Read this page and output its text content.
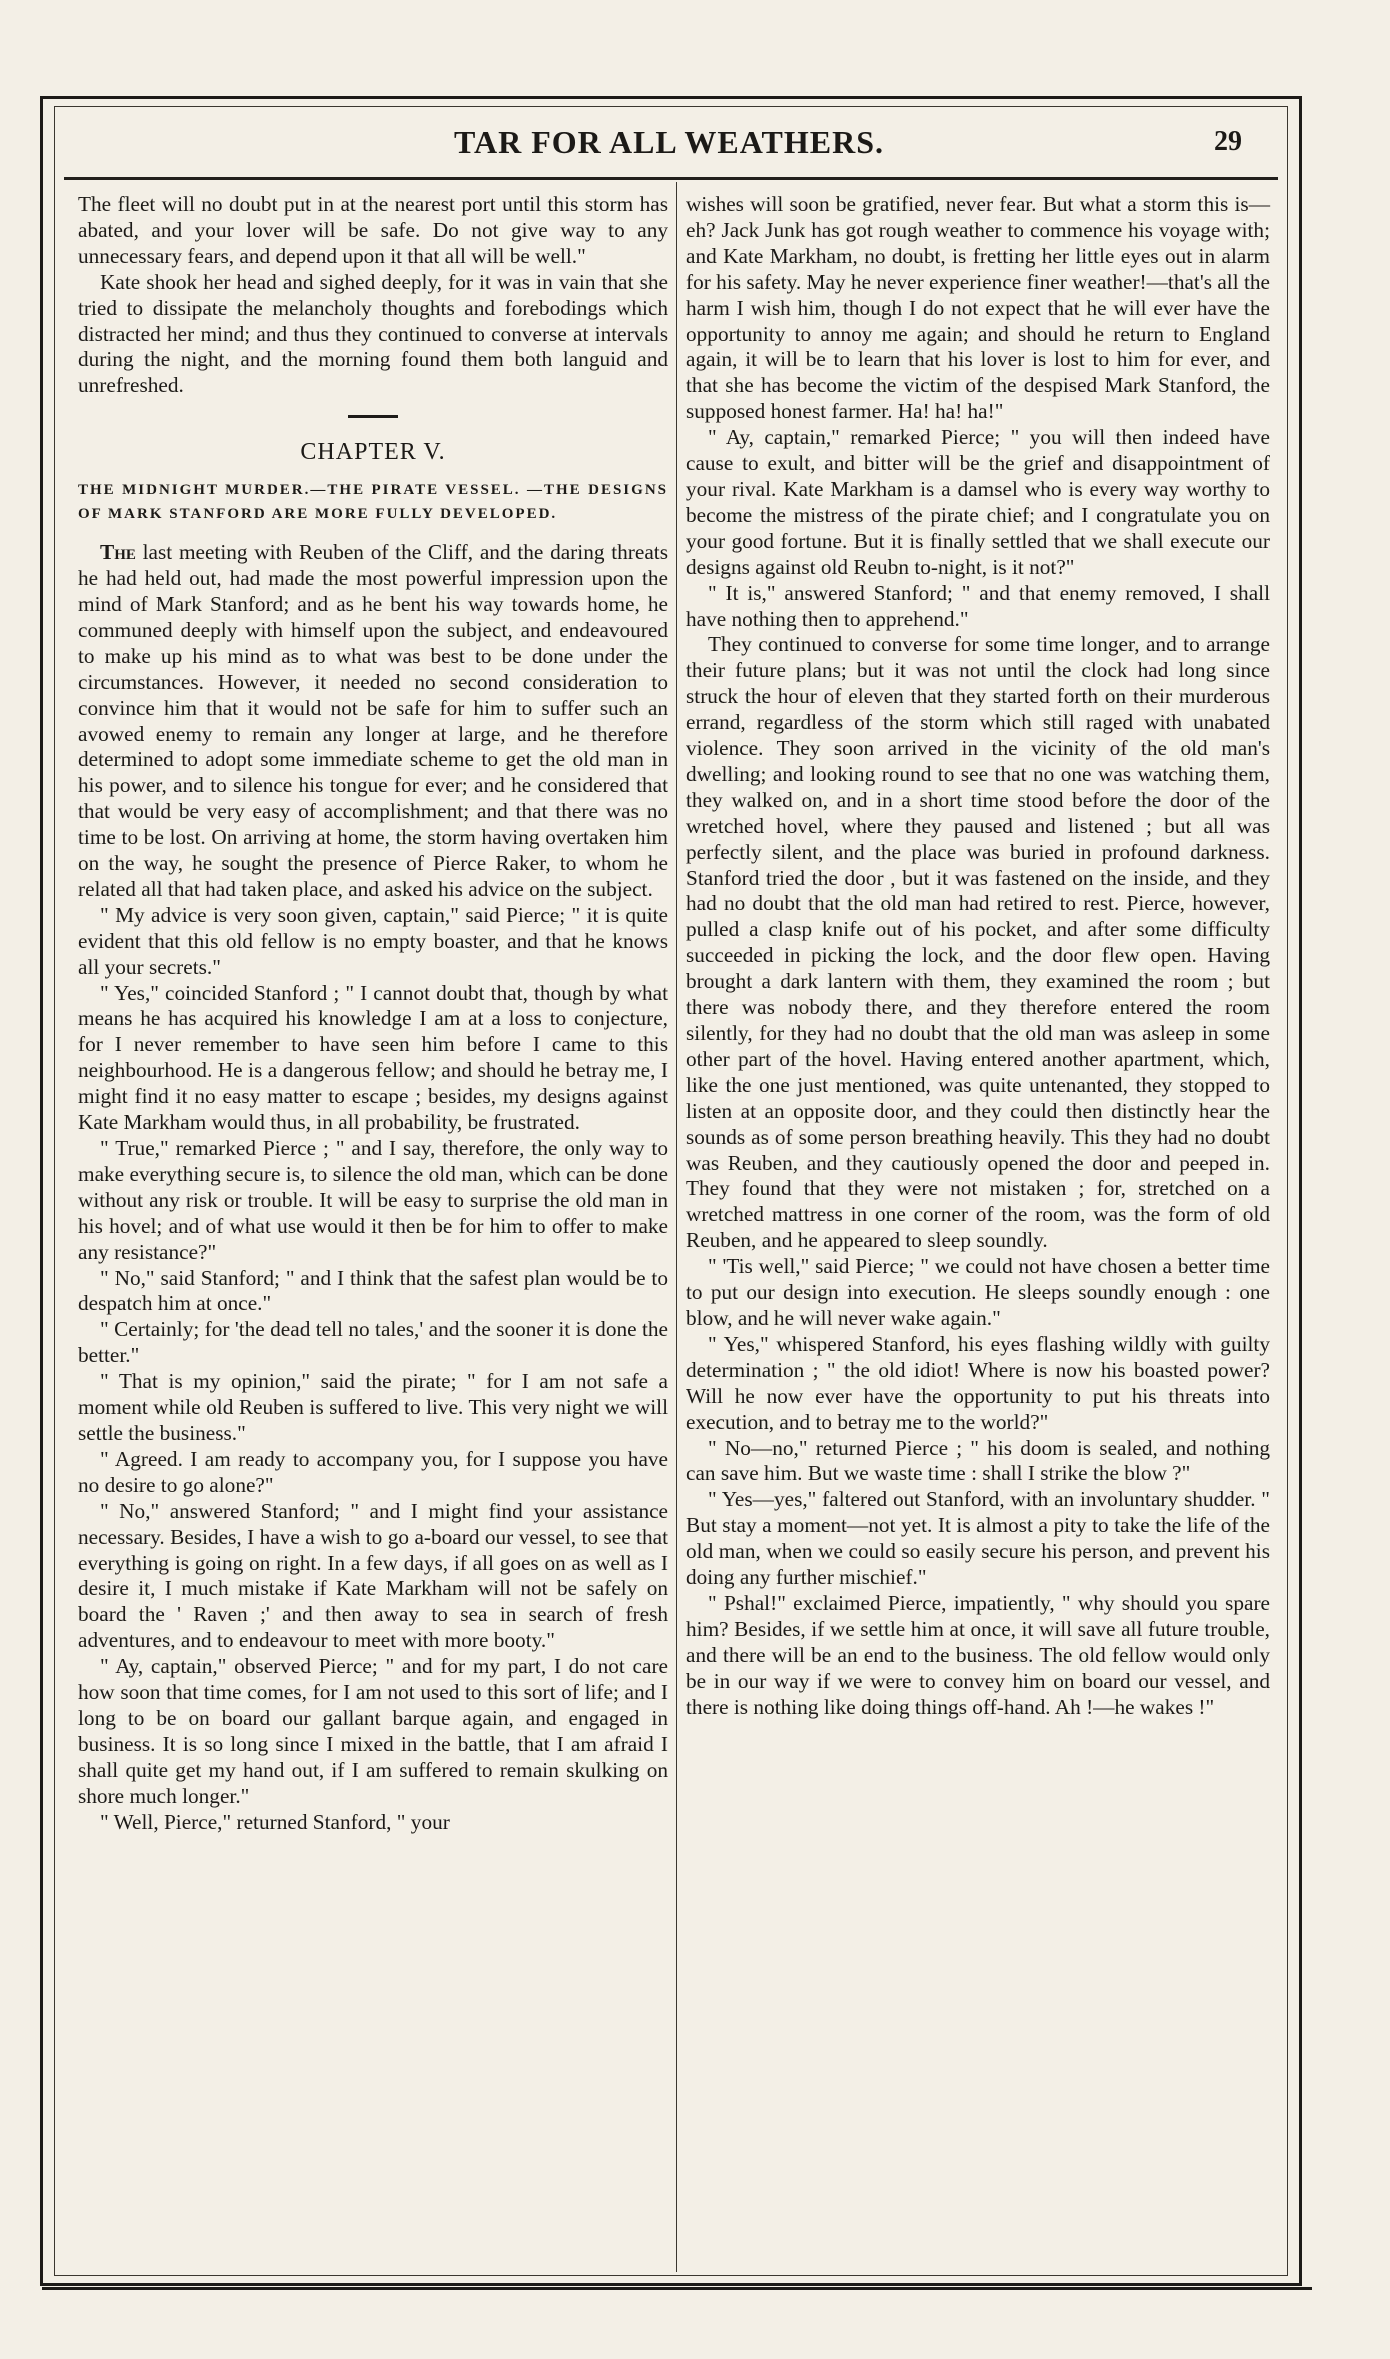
TAR FOR ALL WEATHERS.	29

The fleet will no doubt put in at the nearest port until this storm has abated, and your lover will be safe. Do not give way to any unnecessary fears, and depend upon it that all will be well."

Kate shook her head and sighed deeply, for it was in vain that she tried to dissipate the melancholy thoughts and forebodings which distracted her mind; and thus they continued to converse at intervals during the night, and the morning found them both languid and unrefreshed.

CHAPTER V.
THE MIDNIGHT MURDER.—THE PIRATE VESSEL. —THE DESIGNS OF MARK STANFORD ARE MORE FULLY DEVELOPED.

The last meeting with Reuben of the Cliff, and the daring threats he had held out, had made the most powerful impression upon the mind of Mark Stanford; and as he bent his way towards home, he communed deeply with himself upon the subject, and endeavoured to make up his mind as to what was best to be done under the circumstances. However, it needed no second consideration to convince him that it would not be safe for him to suffer such an avowed enemy to remain any longer at large, and he therefore determined to adopt some immediate scheme to get the old man in his power, and to silence his tongue for ever; and he considered that that would be very easy of accomplishment; and that there was no time to be lost. On arriving at home, the storm having overtaken him on the way, he sought the presence of Pierce Raker, to whom he related all that had taken place, and asked his advice on the subject.

" My advice is very soon given, captain," said Pierce; " it is quite evident that this old fellow is no empty boaster, and that he knows all your secrets."

" Yes," coincided Stanford ; " I cannot doubt that, though by what means he has acquired his knowledge I am at a loss to conjecture, for I never remember to have seen him before I came to this neighbourhood. He is a dangerous fellow; and should he betray me, I might find it no easy matter to escape ; besides, my designs against Kate Markham would thus, in all probability, be frustrated.

" True," remarked Pierce ; " and I say, therefore, the only way to make everything secure is, to silence the old man, which can be done without any risk or trouble. It will be easy to surprise the old man in his hovel; and of what use would it then be for him to offer to make any resistance?"

" No," said Stanford; " and I think that the safest plan would be to despatch him at once."

" Certainly; for 'the dead tell no tales,' and the sooner it is done the better."

" That is my opinion," said the pirate; " for I am not safe a moment while old Reuben is suffered to live. This very night we will settle the business."

" Agreed. I am ready to accompany you, for I suppose you have no desire to go alone?"

" No," answered Stanford; " and I might find your assistance necessary. Besides, I have a wish to go a-board our vessel, to see that everything is going on right. In a few days, if all goes on as well as I desire it, I much mistake if Kate Markham will not be safely on board the ' Raven ;' and then away to sea in search of fresh adventures, and to endeavour to meet with more booty."

" Ay, captain," observed Pierce; " and for my part, I do not care how soon that time comes, for I am not used to this sort of life; and I long to be on board our gallant barque again, and engaged in business. It is so long since I mixed in the battle, that I am afraid I shall quite get my hand out, if I am suffered to remain skulking on shore much longer."

" Well, Pierce," returned Stanford, " your

wishes will soon be gratified, never fear. But what a storm this is—eh? Jack Junk has got rough weather to commence his voyage with; and Kate Markham, no doubt, is fretting her little eyes out in alarm for his safety. May he never experience finer weather!—that's all the harm I wish him, though I do not expect that he will ever have the opportunity to annoy me again; and should he return to England again, it will be to learn that his lover is lost to him for ever, and that she has become the victim of the despised Mark Stanford, the supposed honest farmer. Ha! ha! ha!"

" Ay, captain," remarked Pierce; " you will then indeed have cause to exult, and bitter will be the grief and disappointment of your rival. Kate Markham is a damsel who is every way worthy to become the mistress of the pirate chief; and I congratulate you on your good fortune. But it is finally settled that we shall execute our designs against old Reubn to-night, is it not?"

" It is," answered Stanford; " and that enemy removed, I shall have nothing then to apprehend."

They continued to converse for some time longer, and to arrange their future plans; but it was not until the clock had long since struck the hour of eleven that they started forth on their murderous errand, regardless of the storm which still raged with unabated violence. They soon arrived in the vicinity of the old man's dwelling; and looking round to see that no one was watching them, they walked on, and in a short time stood before the door of the wretched hovel, where they paused and listened ; but all was perfectly silent, and the place was buried in profound darkness. Stanford tried the door , but it was fastened on the inside, and they had no doubt that the old man had retired to rest. Pierce, however, pulled a clasp knife out of his pocket, and after some difficulty succeeded in picking the lock, and the door flew open. Having brought a dark lantern with them, they examined the room ; but there was nobody there, and they therefore entered the room silently, for they had no doubt that the old man was asleep in some other part of the hovel. Having entered another apartment, which, like the one just mentioned, was quite untenanted, they stopped to listen at an opposite door, and they could then distinctly hear the sounds as of some person breathing heavily. This they had no doubt was Reuben, and they cautiously opened the door and peeped in. They found that they were not mistaken ; for, stretched on a wretched mattress in one corner of the room, was the form of old Reuben, and he appeared to sleep soundly.

" 'Tis well," said Pierce; " we could not have chosen a better time to put our design into execution. He sleeps soundly enough : one blow, and he will never wake again."

" Yes," whispered Stanford, his eyes flashing wildly with guilty determination ; " the old idiot! Where is now his boasted power? Will he now ever have the opportunity to put his threats into execution, and to betray me to the world?"

" No—no," returned Pierce ; " his doom is sealed, and nothing can save him. But we waste time : shall I strike the blow ?"

" Yes—yes," faltered out Stanford, with an involuntary shudder. " But stay a moment—not yet. It is almost a pity to take the life of the old man, when we could so easily secure his person, and prevent his doing any further mischief."

" Pshal!" exclaimed Pierce, impatiently, " why should you spare him? Besides, if we settle him at once, it will save all future trouble, and there will be an end to the business. The old fellow would only be in our way if we were to convey him on board our vessel, and there is nothing like doing things off-hand. Ah !—he wakes !"
